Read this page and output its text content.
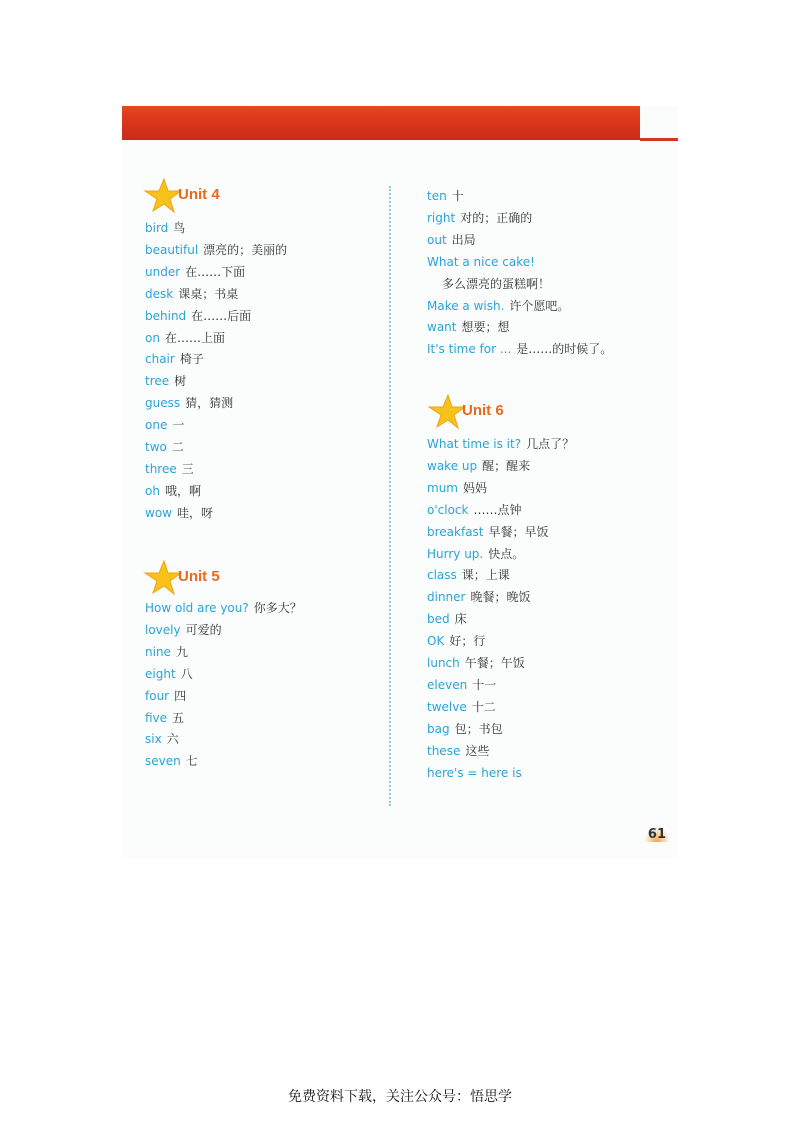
Unit 4
bird 鸟
beautiful 漂亮的；美丽的
under 在……下面
desk 课桌；书桌
behind 在……后面
on 在……上面
chair 椅子
tree 树
guess 猜，猜测
one 一
two 二
three 三
oh 哦，啊
wow 哇，呀
Unit 5
How old are you? 你多大？
lovely 可爱的
nine 九
eight 八
four 四
five 五
six 六
seven 七
ten 十
right 对的；正确的
out 出局
What a nice cake!
多么漂亮的蛋糕啊！
Make a wish. 许个愿吧。
want 想要；想
It's time for ... 是……的时候了。
Unit 6
What time is it? 几点了？
wake up 醒；醒来
mum 妈妈
o'clock ……点钟
breakfast 早餐；早饭
Hurry up. 快点。
class 课；上课
dinner 晚餐；晚饭
bed 床
OK 好；行
lunch 午餐；午饭
eleven 十一
twelve 十二
bag 包；书包
these 这些
here's = here is
61
免费资料下载，关注公众号：悟思学
